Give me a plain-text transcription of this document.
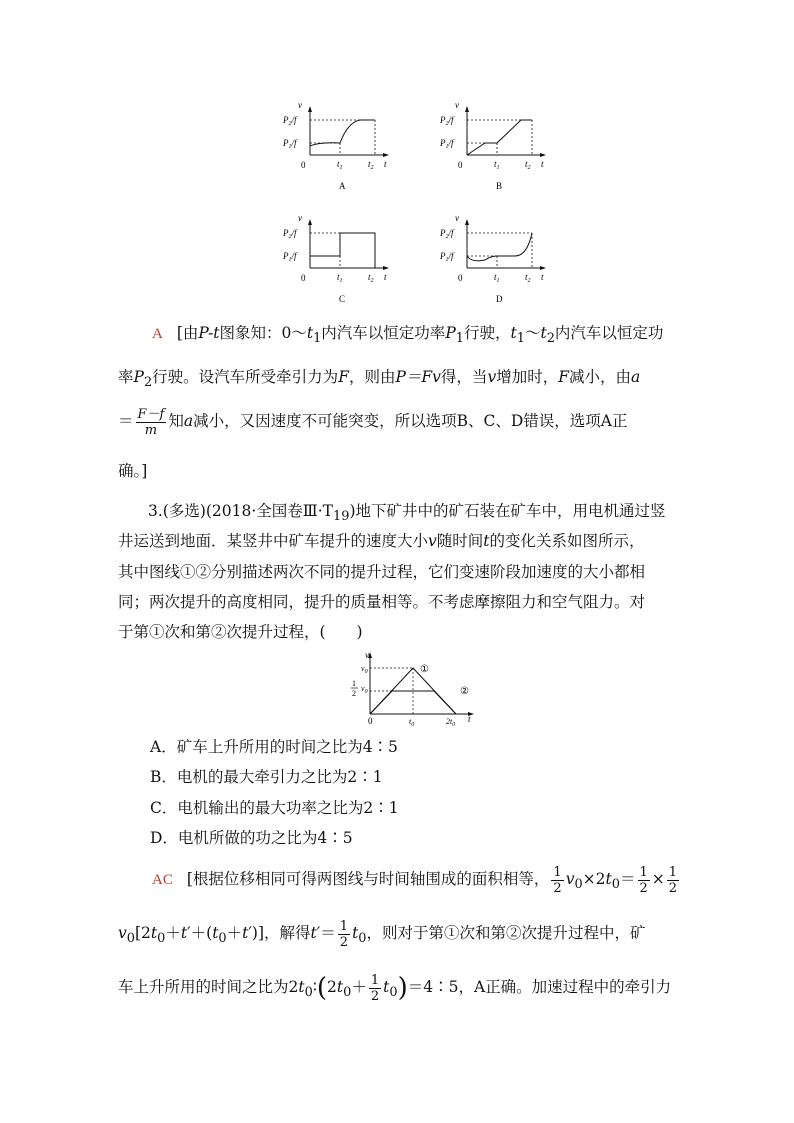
v
t
0
$P_2/f$
$P_1/f$
$t_1$	$t_2$
A
v
t
0
$P_2/f$
$P_1/f$
$t_1$	$t_2$
B
v
t
0
$P_2/f$
$P_1/f$
$t_1$	$t_2$
C
v
t
0
$P_2/f$
$P_1/f$
$t_1$	$t_2$
D
A [由P-t图象知：$0\sim t_1$内汽车以恒定功率$P_1$行驶，$t_1\sim t_2$内汽车以恒定功
率$P_2$行驶。设汽车所受牵引力为F，则由P＝Fv得，当v增加时，F减小，由a
＝ $\frac{F-f}{m}$ 知a减小，又因速度不可能突变，所以选项B、C、D错误，选项A正
确。]
3.(多选)(2018·全国卷$Ⅲ\cdot T_{19}$)地下矿井中的矿石装在矿车中，用电机通过竖
井运送到地面．某竖井中矿车提升的速度大小v随时间t的变化关系如图所示，
其中图线①②分别描述两次不同的提升过程，它们变速阶段加速度的大小都相
同；两次提升的高度相同，提升的质量相等。不考虑摩擦阻力和空气阻力。对
于第①次和第②次提升过程，(　　)
v
t
0
$v_0$
1
2
$v_0$
①
②
$t_0$	$2t_0$
A．矿车上升所用的时间之比为4∶5
B．电机的最大牵引力之比为2∶1
C．电机输出的最大功率之比为2∶1
D．电机所做的功之比为4∶5
AC [根据位移相同可得两图线与时间轴围成的面积相等， $\frac{1}{2} v_0\times 2t_0= \frac{1}{2} \times \frac{1}{2}$
$v_0[2t_0+t'+(t_0+t')]$，解得$t'= \frac{1}{2} t_0$，则对于第①次和第②次提升过程中，矿
车上升所用的时间之比为$2t_0∶(2t_0+ \frac{1}{2}$ $t_0)=4∶5$，A正确。加速过程中的牵引力
